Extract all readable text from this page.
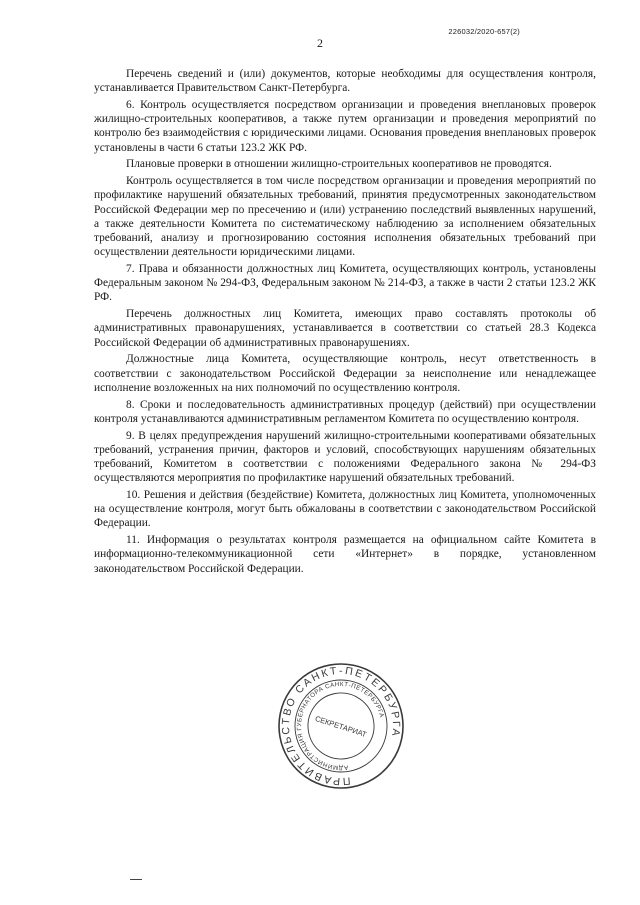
226032/2020-657(2)
2

Перечень сведений и (или) документов, которые необходимы для осуществления контроля, устанавливается Правительством Санкт-Петербурга.

6. Контроль осуществляется посредством организации и проведения внеплановых проверок жилищно-строительных кооперативов, а также путем организации и проведения мероприятий по контролю без взаимодействия с юридическими лицами. Основания проведения внеплановых проверок установлены в части 6 статьи 123.2 ЖК РФ.

Плановые проверки в отношении жилищно-строительных кооперативов не проводятся.

Контроль осуществляется в том числе посредством организации и проведения мероприятий по профилактике нарушений обязательных требований, принятия предусмотренных законодательством Российской Федерации мер по пресечению и (или) устранению последствий выявленных нарушений, а также деятельности Комитета по систематическому наблюдению за исполнением обязательных требований, анализу и прогнозированию состояния исполнения обязательных требований при осуществлении деятельности юридическими лицами.

7. Права и обязанности должностных лиц Комитета, осуществляющих контроль, установлены Федеральным законом № 294-ФЗ, Федеральным законом № 214-ФЗ, а также в части 2 статьи 123.2 ЖК РФ.

Перечень должностных лиц Комитета, имеющих право составлять протоколы об административных правонарушениях, устанавливается в соответствии со статьей 28.3 Кодекса Российской Федерации об административных правонарушениях.

Должностные лица Комитета, осуществляющие контроль, несут ответственность в соответствии с законодательством Российской Федерации за неисполнение или ненадлежащее исполнение возложенных на них полномочий по осуществлению контроля.

8. Сроки и последовательность административных процедур (действий) при осуществлении контроля устанавливаются административным регламентом Комитета по осуществлению контроля.

9. В целях предупреждения нарушений жилищно-строительными кооперативами обязательных требований, устранения причин, факторов и условий, способствующих нарушениям обязательных требований, Комитетом в соответствии с положениями Федерального закона № 294-ФЗ осуществляются мероприятия по профилактике нарушений обязательных требований.

10. Решения и действия (бездействие) Комитета, должностных лиц Комитета, уполномоченных на осуществление контроля, могут быть обжалованы в соответствии с законодательством Российской Федерации.

11. Информация о результатах контроля размещается на официальном сайте Комитета в информационно-телекоммуникационной сети «Интернет» в порядке, установленном законодательством Российской Федерации.

ПРАВИТЕЛЬСТВО САНКТ-ПЕТЕРБУРГА
АДМИНИСТРАЦИЯ ГУБЕРНАТОРА САНКТ-ПЕТЕРБУРГА
СЕКРЕТАРИАТ
